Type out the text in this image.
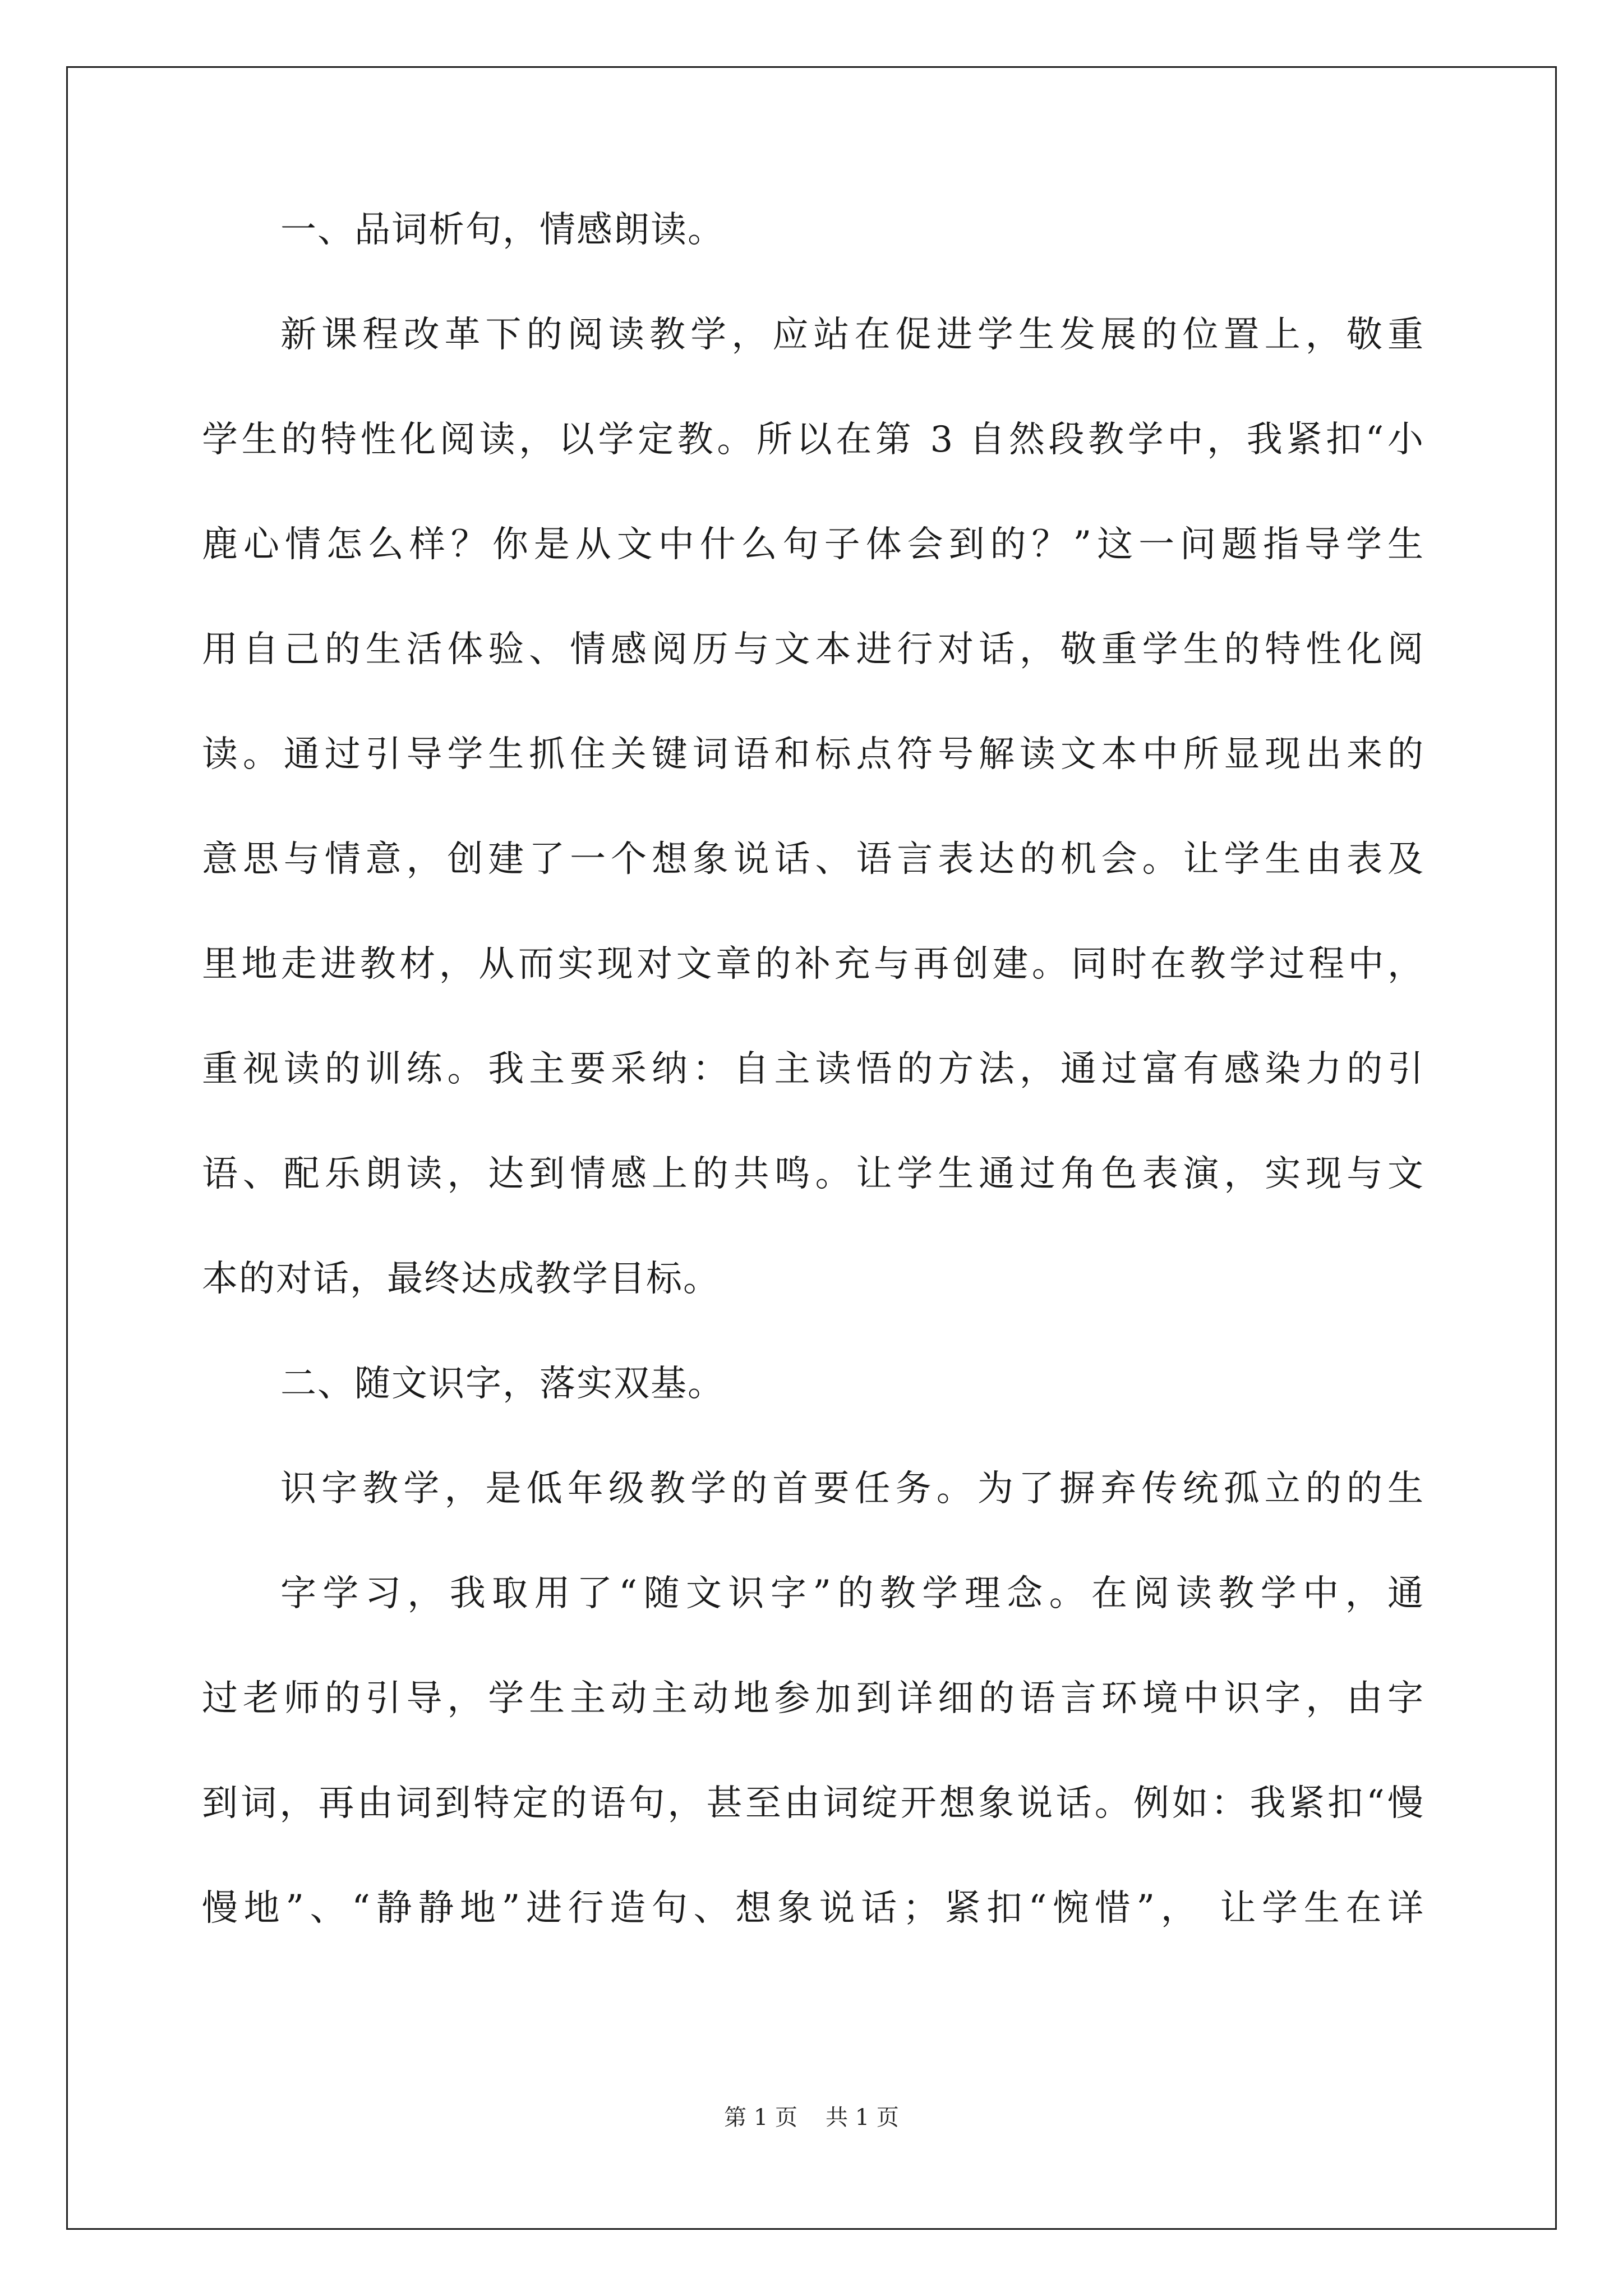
一、品词析句，情感朗读。
新课程改革下的阅读教学，应站在促进学生发展的位置上，敬重
学生的特性化阅读，以学定教。所以在第 3 自然段教学中，我紧扣“小
鹿心情怎么样？你是从文中什么句子体会到的？”这一问题指导学生
用自己的生活体验、情感阅历与文本进行对话，敬重学生的特性化阅
读。通过引导学生抓住关键词语和标点符号解读文本中所显现出来的
意思与情意，创建了一个想象说话、语言表达的机会。让学生由表及
里地走进教材，从而实现对文章的补充与再创建。同时在教学过程中，
重视读的训练。我主要采纳：自主读悟的方法，通过富有感染力的引
语、配乐朗读，达到情感上的共鸣。让学生通过角色表演，实现与文
本的对话，最终达成教学目标。
二、随文识字，落实双基。
识字教学，是低年级教学的首要任务。为了摒弃传统孤立的的生
字学习，我取用了“随文识字”的教学理念。在阅读教学中，通
过老师的引导，学生主动主动地参加到详细的语言环境中识字，由字
到词，再由词到特定的语句，甚至由词绽开想象说话。例如：我紧扣“慢
慢地”、“静静地”进行造句、想象说话；紧扣“惋惜”， 让学生在详
第 1 页 共 1 页
